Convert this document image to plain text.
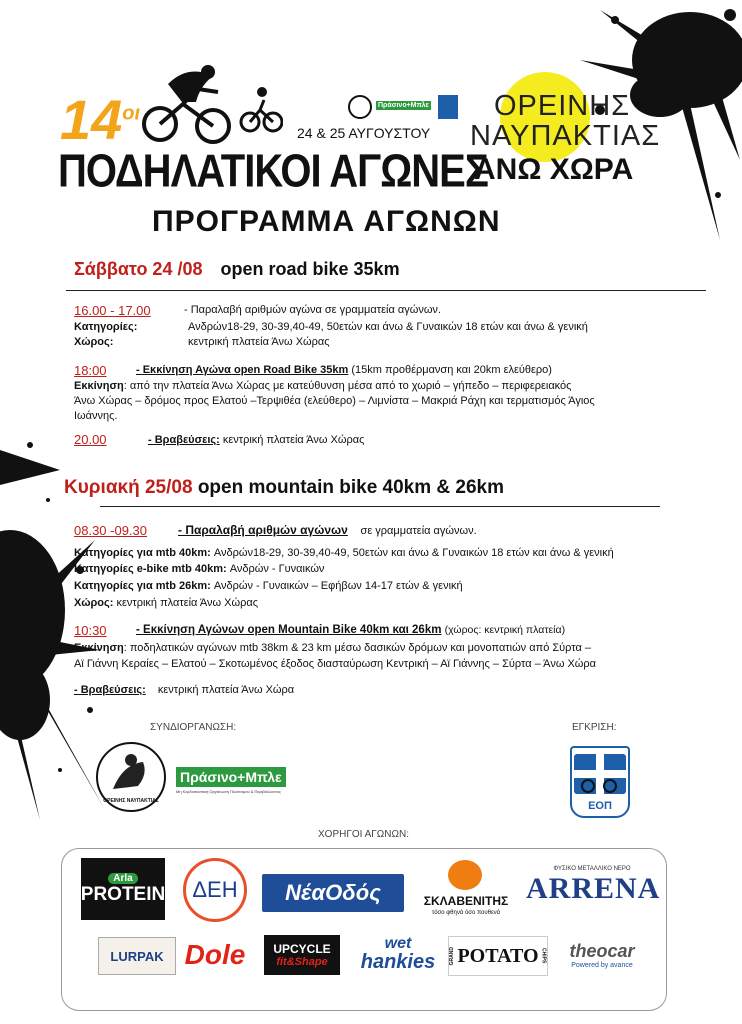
$14^{o\iota}$	Πράσινο+Μπλε
24 & 25 ΑΥΓΟΥΣΤΟΥ
ΠΟΔΗΛΑΤΙΚΟΙ ΑΓΩΝΕΣ
ΟΡΕΙΝΗΣ
ΝΑΥΠΑΚΤΙΑΣ
ΑΝΩ ΧΩΡΑ
ΠΡΟΓΡΑΜΜΑ ΑΓΩΝΩΝ
Σάββατο 24 /08 open road bike 35km
16.00 - 17.00	- Παραλαβή αριθμών αγώνα σε γραμματεία αγώνων.
Κατηγορίες:	Ανδρών18-29, 30-39,40-49, 50ετών και άνω & Γυναικών 18 ετών και άνω & γενική
Χώρος:	κεντρική πλατεία Άνω Χώρας
18:00	- Εκκίνηση Αγώνα open Road Bike 35km (15km προθέρμανση και 20km ελεύθερο)
Εκκίνηση: από την πλατεία Άνω Χώρας με κατεύθυνση μέσα από το χωριό – γήπεδο – περιφερειακός
Άνω Χώρας – δρόμος προς Ελατού –Τερψιθέα (ελεύθερο) – Λιμνίστα – Μακριά Ράχη και τερματισμός Άγιος
Ιωάννης.
20.00	- Βραβεύσεις: κεντρική πλατεία Άνω Χώρας
Κυριακή 25/08 open mountain bike 40km & 26km
08.30 -09.30	- Παραλαβή αριθμών αγώνων σε γραμματεία αγώνων.
Κατηγορίες για mtb 40km: Ανδρών18-29, 30-39,40-49, 50ετών και άνω & Γυναικών 18 ετών και άνω & γενική
Κατηγορίες e-bike mtb 40km: Ανδρών - Γυναικών
Κατηγορίες για mtb 26km: Ανδρών - Γυναικών – Εφήβων 14-17 ετών & γενική
Χώρος: κεντρική πλατεία Άνω Χώρας
10:30	- Εκκίνηση Αγώνων open Mountain Bike 40km και 26km (χώρος: κεντρική πλατεία)
Εκκίνηση: ποδηλατικών αγώνων mtb 38km & 23 km μέσω δασικών δρόμων και μονοπατιών από Σύρτα –
Αϊ Γιάννη Κεραίες – Ελατού – Σκοτωμένος έξοδος διασταύρωση Κεντρική – Αϊ Γιάννης – Σύρτα – Άνω Χώρα
- Βραβεύσεις: κεντρική πλατεία Άνω Χώρα
ΣΥΝΔΙΟΡΓΑΝΩΣΗ:	ΕΓΚΡΙΣΗ:
ΟΡΕΙΝΗΣ ΝΑΥΠΑΚΤΙΑΣ
Πράσινο+Μπλε
Μη Κερδοσκοπική Οργάνωση Πολιτισμού & Περιβάλλοντος
ΕΟΠ
ΧΟΡΗΓΟΙ ΑΓΩΝΩΝ:
Arla
PROTEIN ΔΕΗ ΝέαΟδός	ΣΚΛΑΒΕΝΙΤΗΣ
τόσο φθηνά όσο πουθενά
ΦΥΣΙΚΟ ΜΕΤΑΛΛΙΚΟ ΝΕΡΟ
ARRENA
LURPAK Dole UPCYCLE
fit&Shape
wet
hankies	GRAND POTATO CHIPS theocar
Powered by avance
